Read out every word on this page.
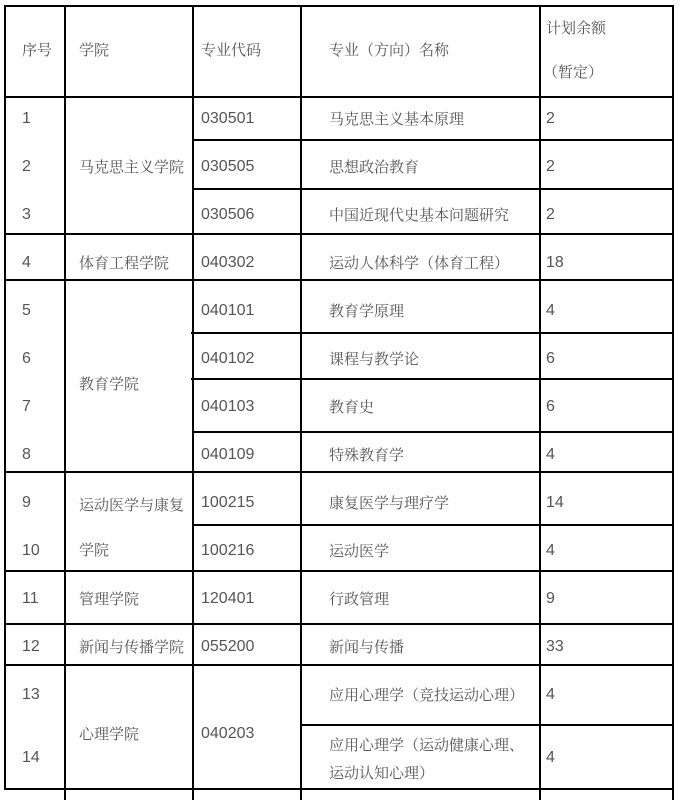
序号 学院	专业代码	专业（方向）名称
计划余额
（暂定）
1
2
3
4
5
6
7
8
9
10
11
12
13
14
马克思主义学院
体育工程学院
教育学院
运动医学与康复
学院
管理学院
新闻与传播学院
心理学院
030501
030505
030506
040302
040101
040102
040103
040109
100215
100216
120401
055200
040203
马克思主义基本原理
思想政治教育
中国近现代史基本问题研究
运动人体科学（体育工程）
教育学原理
课程与教学论
教育史
特殊教育学
康复医学与理疗学
运动医学
行政管理
新闻与传播
应用心理学（竞技运动心理）
应用心理学（运动健康心理、
运动认知心理）
2
2
2
18
4
6
6
4
14
4
9
33
4
4
